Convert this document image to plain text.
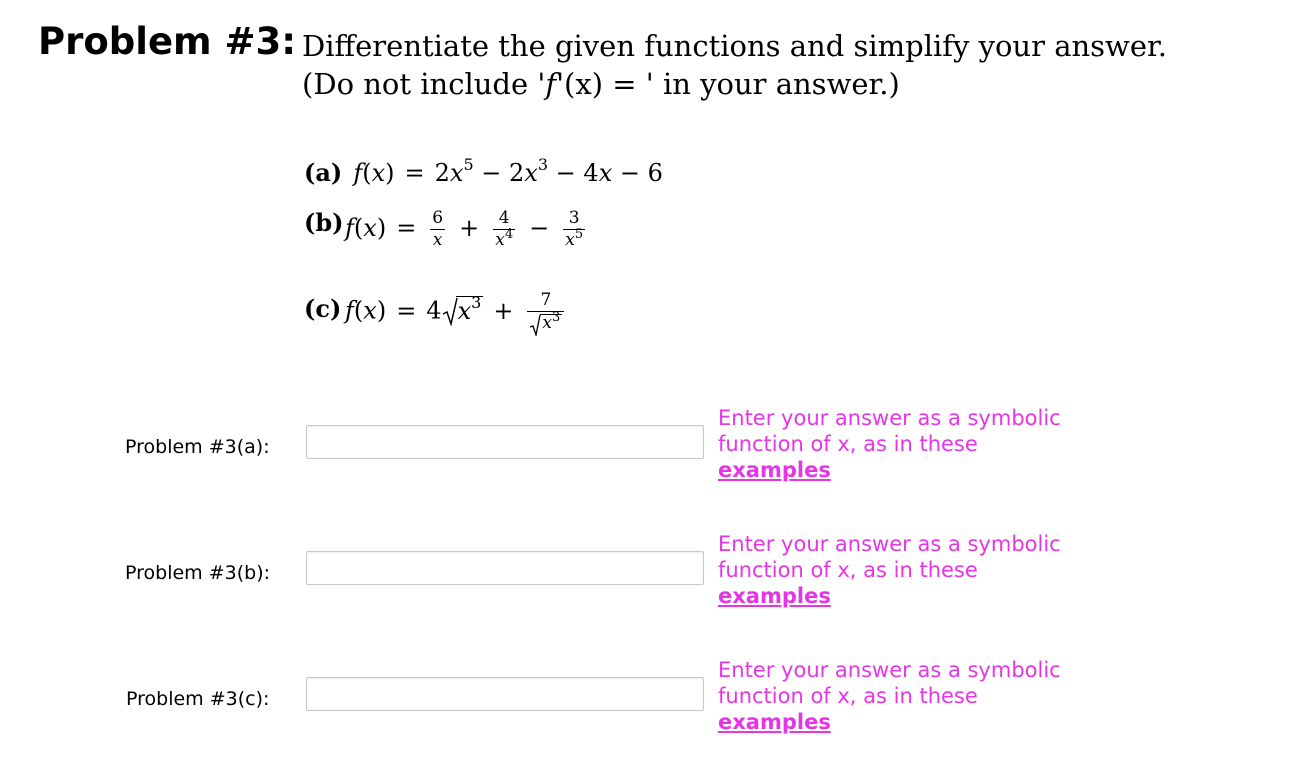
Problem #3: Differentiate the given functions and simplify your answer.
(Do not include 'f'(x) = ' in your answer.)
(a) $f(x) = 2x^5 - 2x^3 - 4x - 6$
(b) $f(x) = \frac{6}{x} + \frac{4}{x^4} - \frac{3}{x^5}$
(c) f(x) = 4 $x^3 + \frac{7}{x^3}$
Problem #3(a):
Enter your answer as a symbolic function of x, as in these
examples
Problem #3(b):
Enter your answer as a symbolic function of x, as in these
examples
Problem #3(c):
Enter your answer as a symbolic function of x, as in these
examples
